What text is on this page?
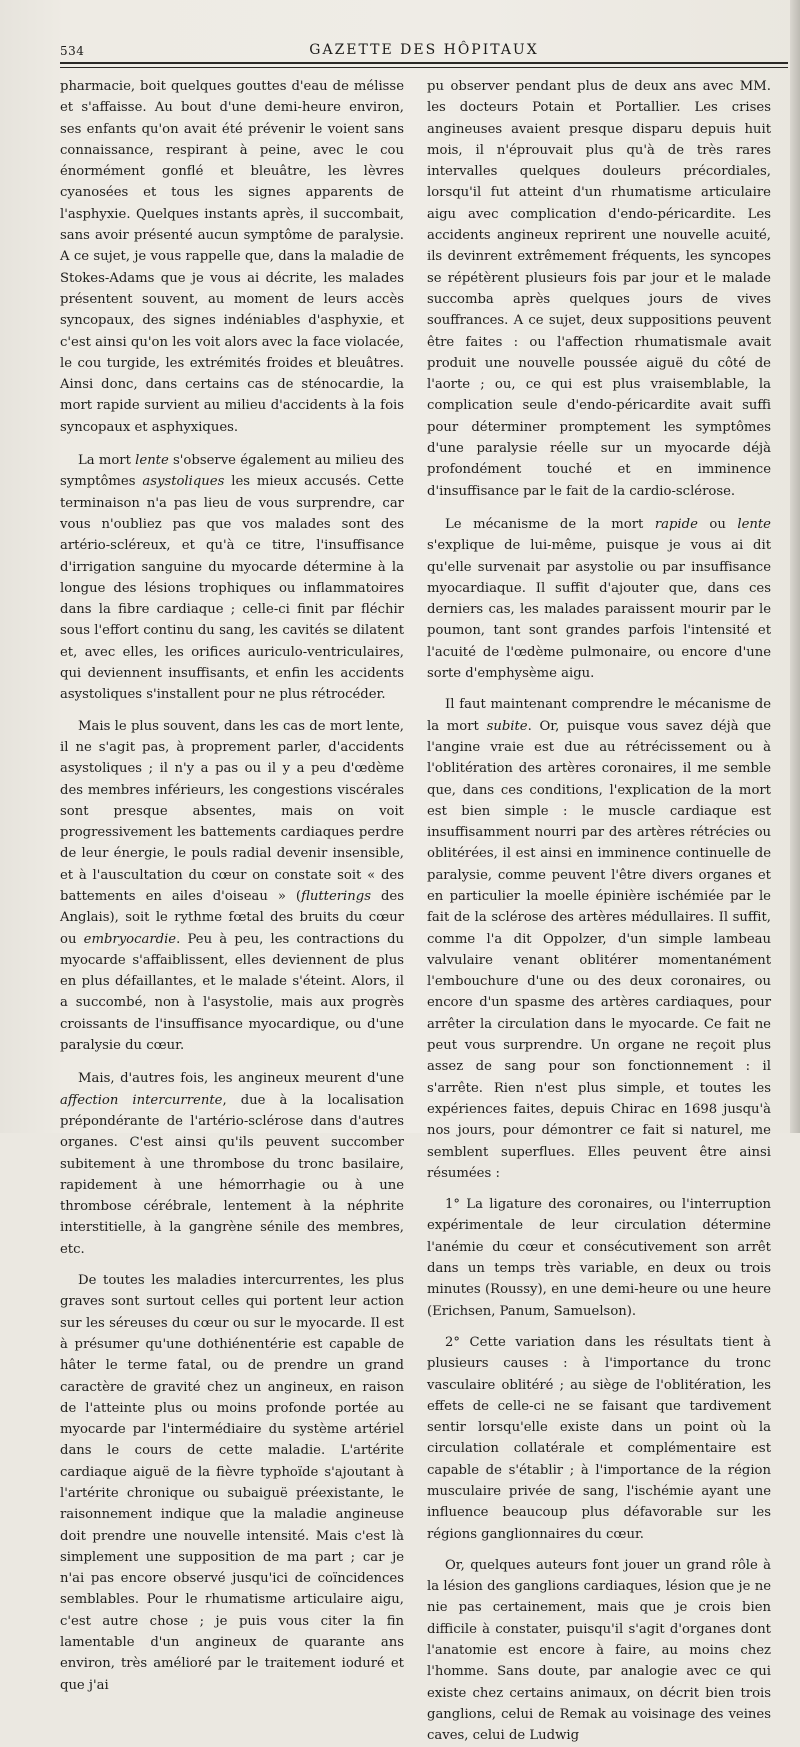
534	GAZETTE DES HÔPITAUX

pharmacie, boit quelques gouttes d'eau de mélisse et s'affaisse. Au bout d'une demi-heure environ, ses enfants qu'on avait été prévenir le voient sans connaissance, respirant à peine, avec le cou énormément gonflé et bleuâtre, les lèvres cyanosées et tous les signes apparents de l'asphyxie. Quelques instants après, il succombait, sans avoir présenté aucun symptôme de paralysie. A ce sujet, je vous rappelle que, dans la maladie de Stokes-Adams que je vous ai décrite, les malades présentent souvent, au moment de leurs accès syncopaux, des signes indéniables d'asphyxie, et c'est ainsi qu'on les voit alors avec la face violacée, le cou turgide, les extrémités froides et bleuâtres. Ainsi donc, dans certains cas de sténocardie, la mort rapide survient au milieu d'accidents à la fois syncopaux et asphyxiques.

La mort lente s'observe également au milieu des symptômes asystoliques les mieux accusés. Cette terminaison n'a pas lieu de vous surprendre, car vous n'oubliez pas que vos malades sont des artério-scléreux, et qu'à ce titre, l'insuffisance d'irrigation sanguine du myocarde détermine à la longue des lésions trophiques ou inflammatoires dans la fibre cardiaque ; celle-ci finit par fléchir sous l'effort continu du sang, les cavités se dilatent et, avec elles, les orifices auriculo-ventriculaires, qui deviennent insuffisants, et enfin les accidents asystoliques s'installent pour ne plus rétrocéder.

Mais le plus souvent, dans les cas de mort lente, il ne s'agit pas, à proprement parler, d'accidents asystoliques ; il n'y a pas ou il y a peu d'œdème des membres inférieurs, les congestions viscérales sont presque absentes, mais on voit progressivement les battements cardiaques perdre de leur énergie, le pouls radial devenir insensible, et à l'auscultation du cœur on constate soit « des battements en ailes d'oiseau » (flutterings des Anglais), soit le rythme fœtal des bruits du cœur ou embryocardie. Peu à peu, les contractions du myocarde s'affaiblissent, elles deviennent de plus en plus défaillantes, et le malade s'éteint. Alors, il a succombé, non à l'asystolie, mais aux progrès croissants de l'insuffisance myocardique, ou d'une paralysie du cœur.

Mais, d'autres fois, les angineux meurent d'une affection intercurrente, due à la localisation prépondérante de l'artério-sclérose dans d'autres organes. C'est ainsi qu'ils peuvent succomber subitement à une thrombose du tronc basilaire, rapidement à une hémorrhagie ou à une thrombose cérébrale, lentement à la néphrite interstitielle, à la gangrène sénile des membres, etc.

De toutes les maladies intercurrentes, les plus graves sont surtout celles qui portent leur action sur les séreuses du cœur ou sur le myocarde. Il est à présumer qu'une dothiénentérie est capable de hâter le terme fatal, ou de prendre un grand caractère de gravité chez un angineux, en raison de l'atteinte plus ou moins profonde portée au myocarde par l'intermédiaire du système artériel dans le cours de cette maladie. L'artérite cardiaque aiguë de la fièvre typhoïde s'ajoutant à l'artérite chronique ou subaiguë préexistante, le raisonnement indique que la maladie angineuse doit prendre une nouvelle intensité. Mais c'est là simplement une supposition de ma part ; car je n'ai pas encore observé jusqu'ici de coïncidences semblables. Pour le rhumatisme articulaire aigu, c'est autre chose ; je puis vous citer la fin lamentable d'un angineux de quarante ans environ, très amélioré par le traitement ioduré et que j'ai

pu observer pendant plus de deux ans avec MM. les docteurs Potain et Portallier. Les crises angineuses avaient presque disparu depuis huit mois, il n'éprouvait plus qu'à de très rares intervalles quelques douleurs précordiales, lorsqu'il fut atteint d'un rhumatisme articulaire aigu avec complication d'endo-péricardite. Les accidents angineux reprirent une nouvelle acuité, ils devinrent extrêmement fréquents, les syncopes se répétèrent plusieurs fois par jour et le malade succomba après quelques jours de vives souffrances. A ce sujet, deux suppositions peuvent être faites : ou l'affection rhumatismale avait produit une nouvelle poussée aiguë du côté de l'aorte ; ou, ce qui est plus vraisemblable, la complication seule d'endo-péricardite avait suffi pour déterminer promptement les symptômes d'une paralysie réelle sur un myocarde déjà profondément touché et en imminence d'insuffisance par le fait de la cardio-sclérose.

Le mécanisme de la mort rapide ou lente s'explique de lui-même, puisque je vous ai dit qu'elle survenait par asystolie ou par insuffisance myocardiaque. Il suffit d'ajouter que, dans ces derniers cas, les malades paraissent mourir par le poumon, tant sont grandes parfois l'intensité et l'acuité de l'œdème pulmonaire, ou encore d'une sorte d'emphysème aigu.

Il faut maintenant comprendre le mécanisme de la mort subite. Or, puisque vous savez déjà que l'angine vraie est due au rétrécissement ou à l'oblitération des artères coronaires, il me semble que, dans ces conditions, l'explication de la mort est bien simple : le muscle cardiaque est insuffisamment nourri par des artères rétrécies ou oblitérées, il est ainsi en imminence continuelle de paralysie, comme peuvent l'être divers organes et en particulier la moelle épinière ischémiée par le fait de la sclérose des artères médullaires. Il suffit, comme l'a dit Oppolzer, d'un simple lambeau valvulaire venant oblitérer momentanément l'embouchure d'une ou des deux coronaires, ou encore d'un spasme des artères cardiaques, pour arrêter la circulation dans le myocarde. Ce fait ne peut vous surprendre. Un organe ne reçoit plus assez de sang pour son fonctionnement : il s'arrête. Rien n'est plus simple, et toutes les expériences faites, depuis Chirac en 1698 jusqu'à nos jours, pour démontrer ce fait si naturel, me semblent superflues. Elles peuvent être ainsi résumées :

1° La ligature des coronaires, ou l'interruption expérimentale de leur circulation détermine l'anémie du cœur et consécutivement son arrêt dans un temps très variable, en deux ou trois minutes (Roussy), en une demi-heure ou une heure (Erichsen, Panum, Samuelson).

2° Cette variation dans les résultats tient à plusieurs causes : à l'importance du tronc vasculaire oblitéré ; au siège de l'oblitération, les effets de celle-ci ne se faisant que tardivement sentir lorsqu'elle existe dans un point où la circulation collatérale et complémentaire est capable de s'établir ; à l'importance de la région musculaire privée de sang, l'ischémie ayant une influence beaucoup plus défavorable sur les régions ganglionnaires du cœur.

Or, quelques auteurs font jouer un grand rôle à la lésion des ganglions cardiaques, lésion que je ne nie pas certainement, mais que je crois bien difficile à constater, puisqu'il s'agit d'organes dont l'anatomie est encore à faire, au moins chez l'homme. Sans doute, par analogie avec ce qui existe chez certains animaux, on décrit bien trois ganglions, celui de Remak au voisinage des veines caves, celui de Ludwig
